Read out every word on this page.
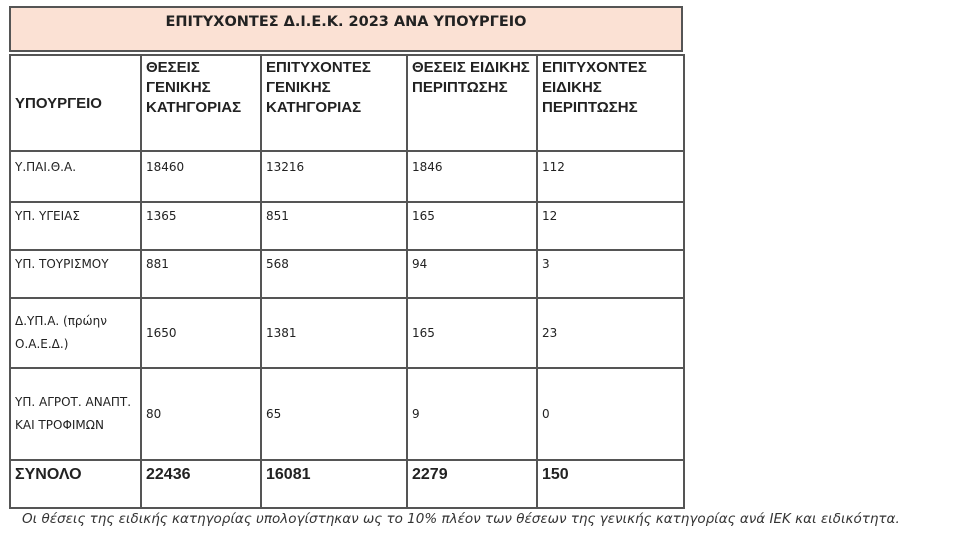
ΕΠΙΤΥΧΟΝΤΕΣ Δ.Ι.Ε.Κ. 2023 ΑΝΑ ΥΠΟΥΡΓΕΙΟ
ΥΠΟΥΡΓΕΙΟ	ΘΕΣΕΙΣ ΓΕΝΙΚΗΣ ΚΑΤΗΓΟΡΙΑΣ	ΕΠΙΤΥΧΟΝΤΕΣ ΓΕΝΙΚΗΣ ΚΑΤΗΓΟΡΙΑΣ	ΘΕΣΕΙΣ ΕΙΔΙΚΗΣ ΠΕΡΙΠΤΩΣΗΣ	ΕΠΙΤΥΧΟΝΤΕΣ ΕΙΔΙΚΗΣ ΠΕΡΙΠΤΩΣΗΣ
Υ.ΠΑΙ.Θ.Α.	18460	13216	1846	112
ΥΠ. ΥΓΕΙΑΣ	1365	851	165	12
ΥΠ. ΤΟΥΡΙΣΜΟΥ	881	568	94	3
Δ.ΥΠ.Α. (πρώην Ο.Α.Ε.Δ.)	1650	1381	165	23
ΥΠ. ΑΓΡΟΤ. ΑΝΑΠΤ. ΚΑΙ ΤΡΟΦΙΜΩΝ	80	65	9	0
ΣΥΝΟΛΟ	22436	16081	2279	150
Οι θέσεις της ειδικής κατηγορίας υπολογίστηκαν ως το 10% πλέον των θέσεων της γενικής κατηγορίας ανά ΙΕΚ και ειδικότητα.
